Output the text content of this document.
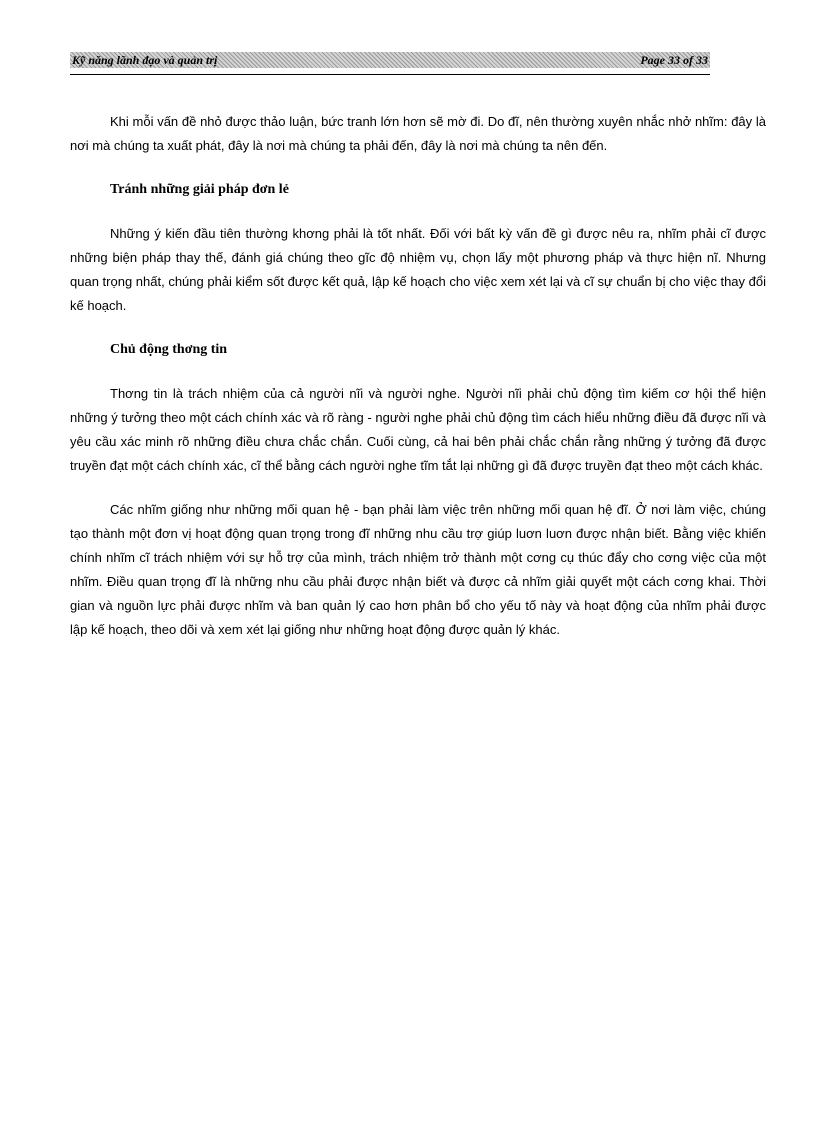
Kỹ năng lãnh đạo và quản trị	Page 33 of 33

Khi mỗi vấn đề nhỏ được thảo luận, bức tranh lớn hơn sẽ mờ đi. Do đĩ, nên thường xuyên nhắc nhở nhĩm: đây là nơi mà chúng ta xuất phát, đây là nơi mà chúng ta phải đến, đây là nơi mà chúng ta nên đến.

Tránh những giải pháp đơn lẻ

Những ý kiến đầu tiên thường khơng phải là tốt nhất. Đối với bất kỳ vấn đề gì được nêu ra, nhĩm phải cĩ được những biện pháp thay thế, đánh giá chúng theo gĩc độ nhiệm vụ, chọn lấy một phương pháp và thực hiện nĩ. Nhưng quan trọng nhất, chúng phải kiểm sốt được kết quả, lập kế hoạch cho việc xem xét lại và cĩ sự chuẩn bị cho việc thay đổi kế hoạch.

Chủ động thơng tin

Thơng tin là trách nhiệm của cả người nĩi và người nghe. Người nĩi phải chủ động tìm kiếm cơ hội thể hiện những ý tưởng theo một cách chính xác và rõ ràng - người nghe phải chủ động tìm cách hiểu những điều đã được nĩi và yêu cầu xác minh rõ những điều chưa chắc chắn. Cuối cùng, cả hai bên phải chắc chắn rằng những ý tưởng đã được truyền đạt một cách chính xác, cĩ thể bằng cách người nghe tĩm tắt lại những gì đã được truyền đạt theo một cách khác.

Các nhĩm giống như những mối quan hệ - bạn phải làm việc trên những mối quan hệ đĩ. Ở nơi làm việc, chúng tạo thành một đơn vị hoạt động quan trọng trong đĩ những nhu cầu trợ giúp luơn luơn được nhận biết. Bằng việc khiến chính nhĩm cĩ trách nhiệm với sự hỗ trợ của mình, trách nhiệm trở thành một cơng cụ thúc đẩy cho cơng việc của một nhĩm. Điều quan trọng đĩ là những nhu cầu phải được nhận biết và được cả nhĩm giải quyết một cách cơng khai. Thời gian và nguồn lực phải được nhĩm và ban quản lý cao hơn phân bổ cho yếu tố này và hoạt động của nhĩm phải được lập kế hoạch, theo dõi và xem xét lại giống như những hoạt động được quản lý khác.
